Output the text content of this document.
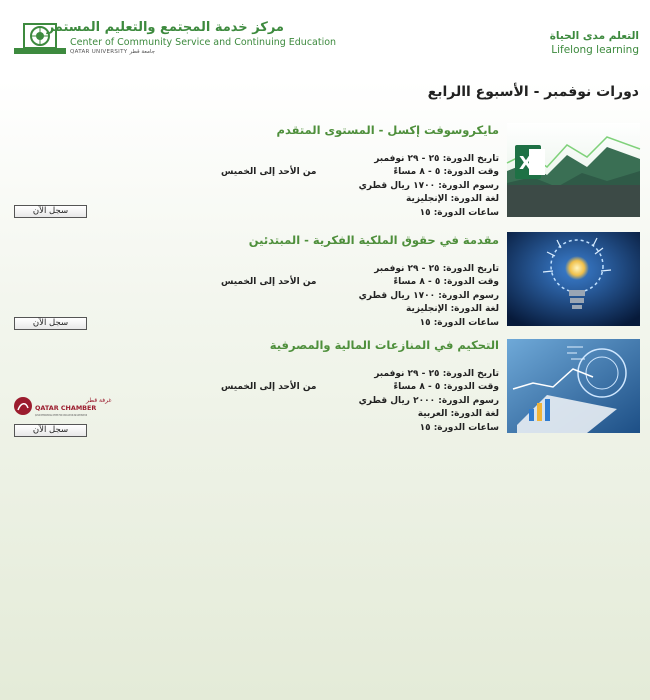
مركز خدمة المجتمع والتعليم المستمر
Center of Community Service and Continuing Education
QATAR UNIVERSITY جامعة قطر
التعلم مدى الحياة
Lifelong learning
دورات نوفمبر - الأسبوع االرابع
مايكروسوفت إكسل - المستوى المتقدم
X
تاريخ الدورة: ٢٥ - ٢٩ نوفمبر
وقت الدورة: ٥ - ٨ مساءً
رسوم الدورة: ١٧٠٠ ريال قطري
لغة الدورة: الإنجليزية
ساعات الدورة: ١٥
من الأحد إلى الخميس
سجل الآن
مقدمة في حقوق الملكية الفكرية - المبتدئين
تاريخ الدورة: ٢٥ - ٢٩ نوفمبر
وقت الدورة: ٥ - ٨ مساءً
رسوم الدورة: ١٧٠٠ ريال قطري
لغة الدورة: الإنجليزية
ساعات الدورة: ١٥
من الأحد إلى الخميس
سجل الآن
التحكيم في المنازعات المالية والمصرفية
تاريخ الدورة: ٢٥ - ٢٩ نوفمبر
وقت الدورة: ٥ - ٨ مساءً
رسوم الدورة: ٢٠٠٠ ريال قطري
لغة الدورة: العربية
ساعات الدورة: ١٥
من الأحد إلى الخميس
سجل الآن
غرفة قطر
QATAR CHAMBER
QATAR INTERNATIONAL CENTER FOR CONCILIATION AND ARBITRATION
